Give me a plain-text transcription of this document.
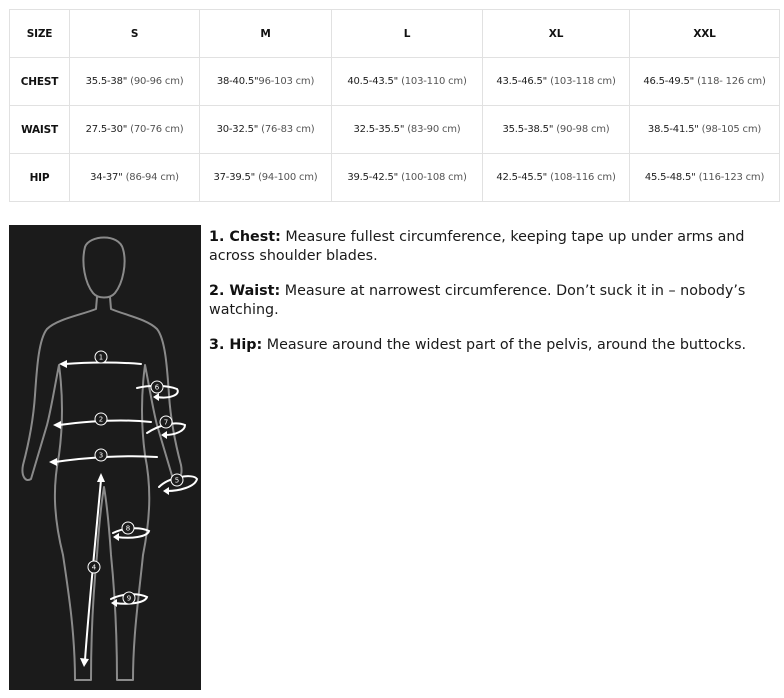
SIZE	S	M	L	XL	XXL
CHEST	35.5-38" (90-96 cm)	38-40.5"96-103 cm)	40.5-43.5" (103-110 cm)	43.5-46.5" (103-118 cm)	46.5-49.5" (118- 126 cm)
WAIST	27.5-30" (70-76 cm)	30-32.5" (76-83 cm)	32.5-35.5" (83-90 cm)	35.5-38.5" (90-98 cm)	38.5-41.5" (98-105 cm)
HIP	34-37" (86-94 cm)	37-39.5" (94-100 cm)	39.5-42.5" (100-108 cm)	42.5-45.5" (108-116 cm)	45.5-48.5" (116-123 cm)
1
2
3
4
5
6
7
8
9

1. Chest: Measure fullest circumference, keeping tape up under arms and across shoulder blades.

2. Waist: Measure at narrowest circumference. Don’t suck it in – nobody’s watching.

3. Hip: Measure around the widest part of the pelvis, around the buttocks.
